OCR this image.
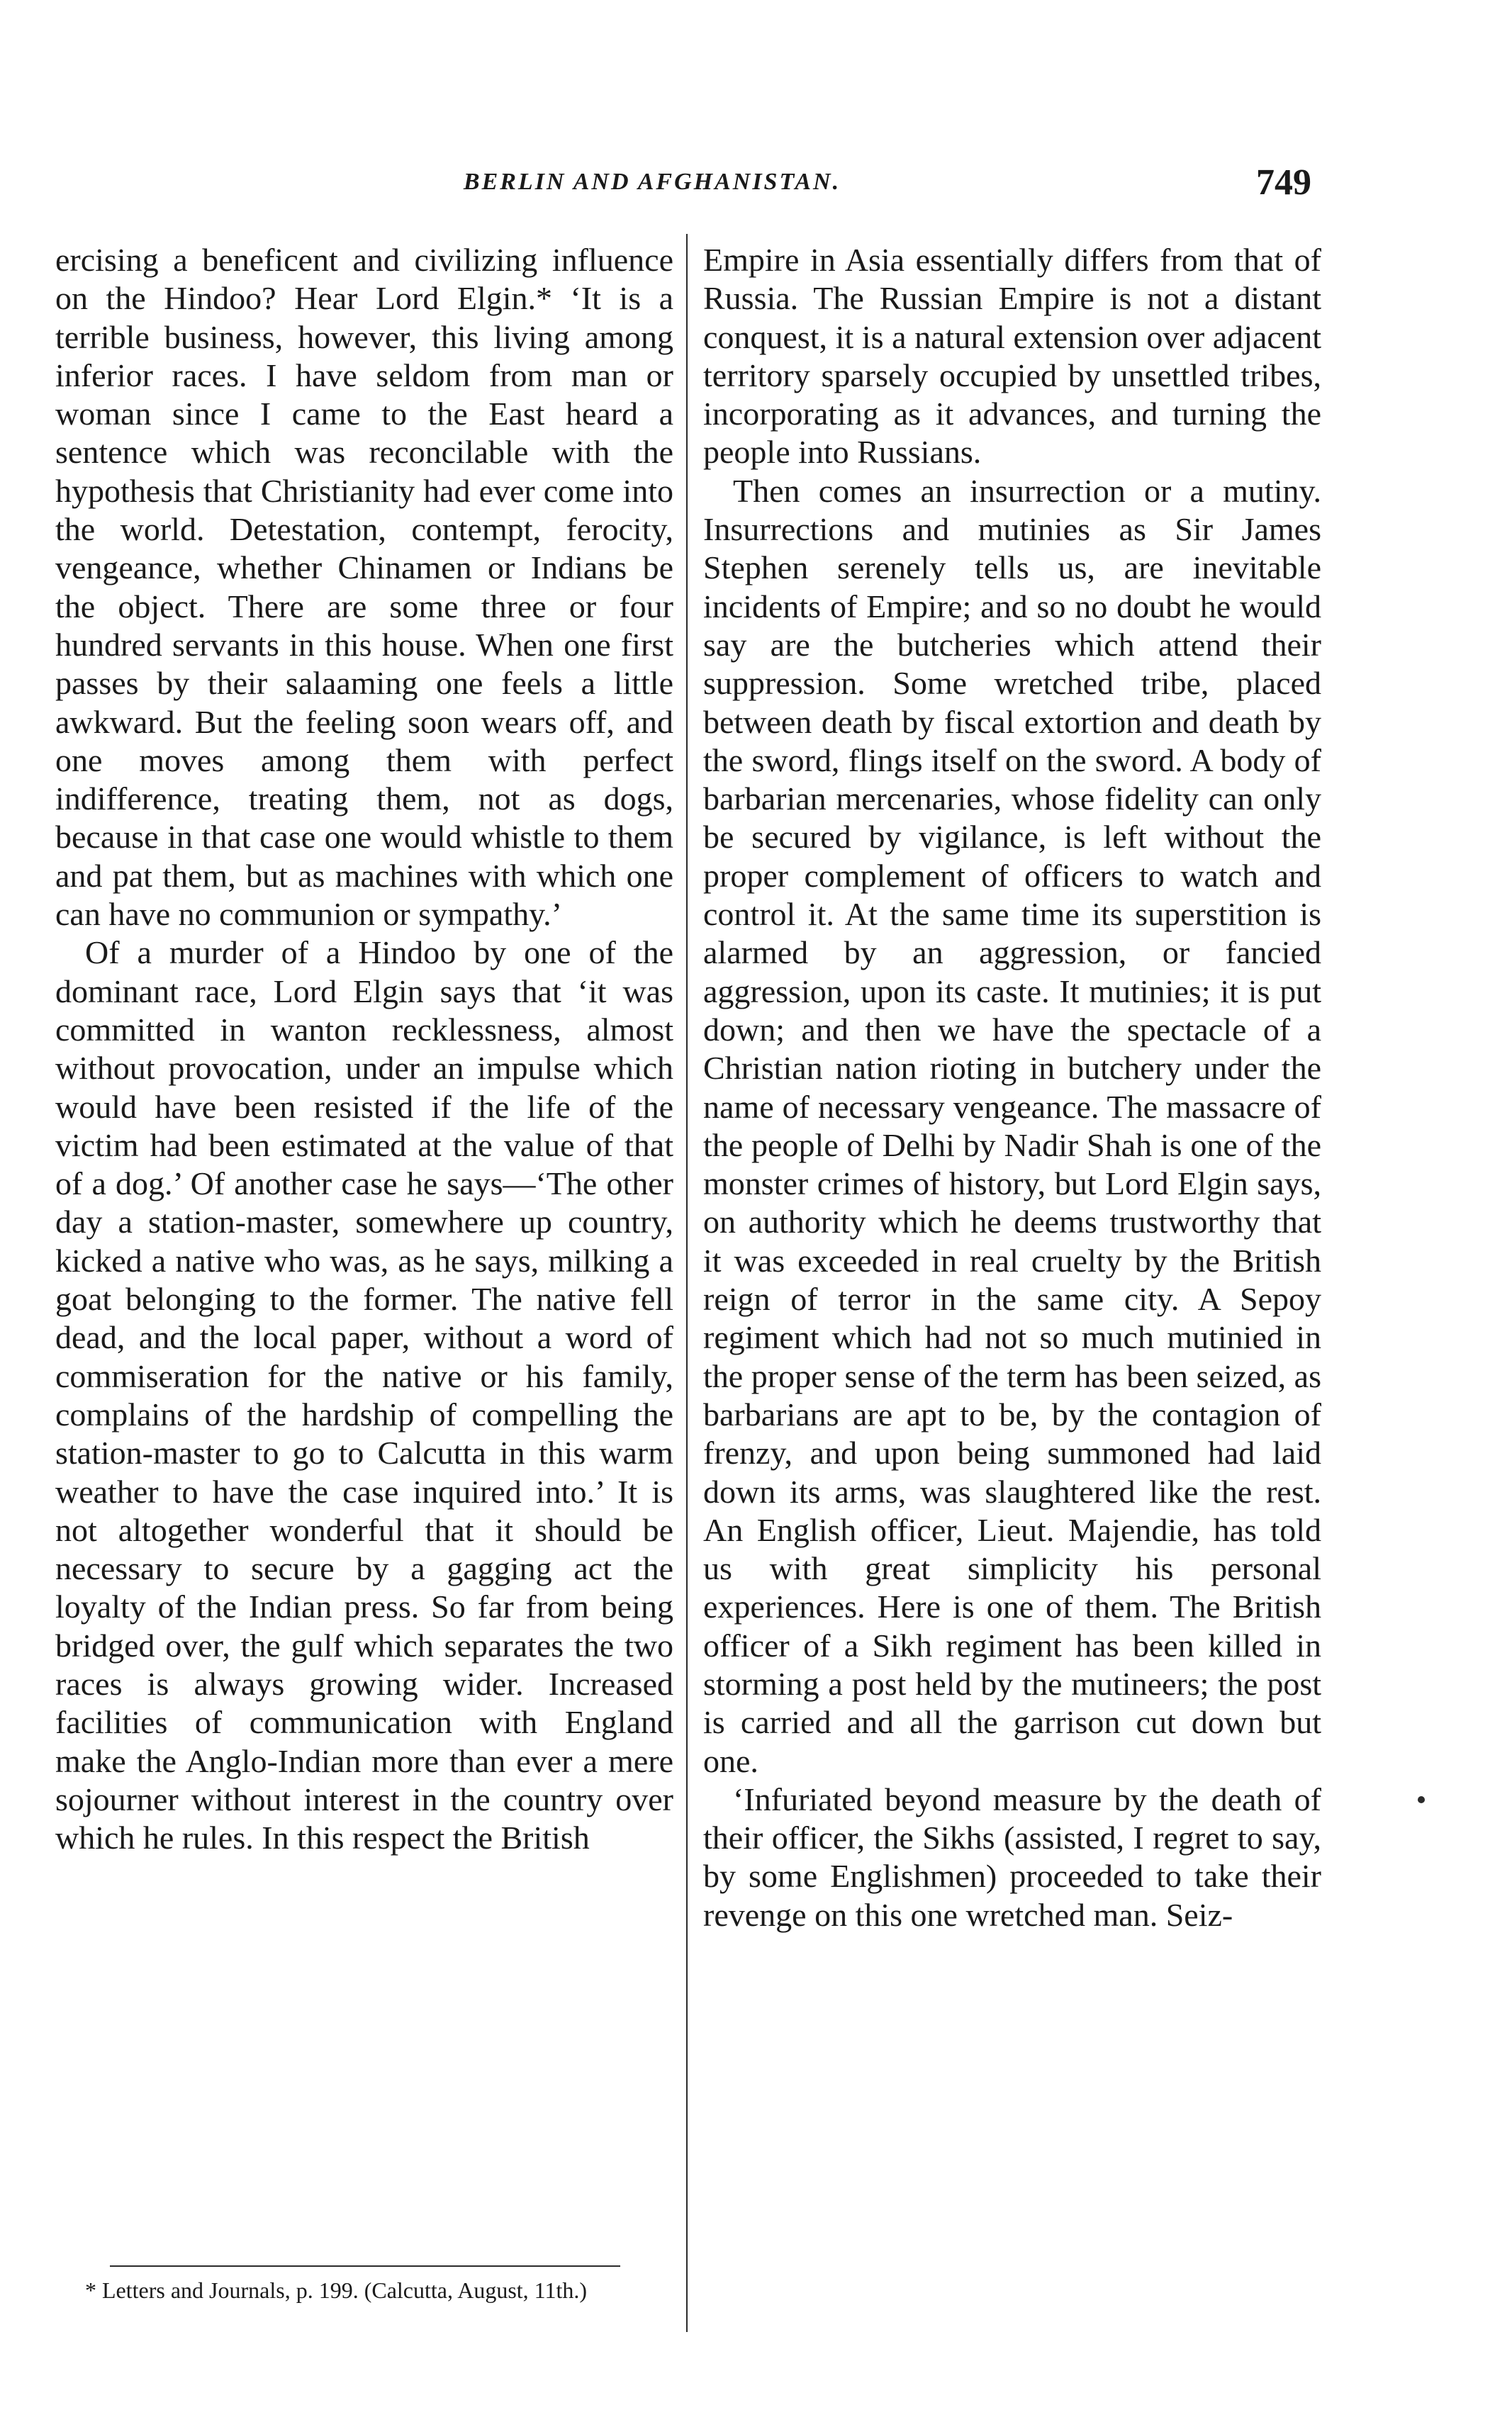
BERLIN AND AFGHANISTAN.	749

ercising a beneficent and civilizing influence on the Hindoo? Hear Lord Elgin.* ‘It is a terrible business, however, this living among inferior races. I have seldom from man or woman since I came to the East heard a sentence which was reconcilable with the hypothesis that Christianity had ever come into the world. Detestation, contempt, ferocity, vengeance, whether Chinamen or Indians be the object. There are some three or four hundred servants in this house. When one first passes by their salaaming one feels a little awkward. But the feeling soon wears off, and one moves among them with perfect indifference, treating them, not as dogs, because in that case one would whistle to them and pat them, but as machines with which one can have no communion or sympathy.’

Of a murder of a Hindoo by one of the dominant race, Lord Elgin says that ‘it was committed in wanton recklessness, almost without provocation, under an impulse which would have been resisted if the life of the victim had been estimated at the value of that of a dog.’ Of another case he says—‘The other day a station-master, somewhere up country, kicked a native who was, as he says, milking a goat belonging to the former. The native fell dead, and the local paper, without a word of commiseration for the native or his family, complains of the hardship of compelling the station-master to go to Calcutta in this warm weather to have the case inquired into.’ It is not altogether wonderful that it should be necessary to secure by a gagging act the loyalty of the Indian press. So far from being bridged over, the gulf which separates the two races is always growing wider. Increased facilities of communication with England make the Anglo-Indian more than ever a mere sojourner without interest in the country over which he rules. In this respect the British

Empire in Asia essentially differs from that of Russia. The Russian Empire is not a distant conquest, it is a natural extension over adjacent territory sparsely occupied by unsettled tribes, incorporating as it advances, and turning the people into Russians.

Then comes an insurrection or a mutiny. Insurrections and mutinies as Sir James Stephen serenely tells us, are inevitable incidents of Empire; and so no doubt he would say are the butcheries which attend their suppression. Some wretched tribe, placed between death by fiscal extortion and death by the sword, flings itself on the sword. A body of barbarian mercenaries, whose fidelity can only be secured by vigilance, is left without the proper complement of officers to watch and control it. At the same time its superstition is alarmed by an aggression, or fancied aggression, upon its caste. It mutinies; it is put down; and then we have the spectacle of a Christian nation rioting in butchery under the name of necessary vengeance. The massacre of the people of Delhi by Nadir Shah is one of the monster crimes of history, but Lord Elgin says, on authority which he deems trustworthy that it was exceeded in real cruelty by the British reign of terror in the same city. A Sepoy regiment which had not so much mutinied in the proper sense of the term has been seized, as barbarians are apt to be, by the contagion of frenzy, and upon being summoned had laid down its arms, was slaughtered like the rest. An English officer, Lieut. Majendie, has told us with great simplicity his personal experiences. Here is one of them. The British officer of a Sikh regiment has been killed in storming a post held by the mutineers; the post is carried and all the garrison cut down but one.

‘Infuriated beyond measure by the death of their officer, the Sikhs (assisted, I regret to say, by some Englishmen) proceeded to take their revenge on this one wretched man. Seiz-

* Letters and Journals, p. 199. (Calcutta, August, 11th.)
